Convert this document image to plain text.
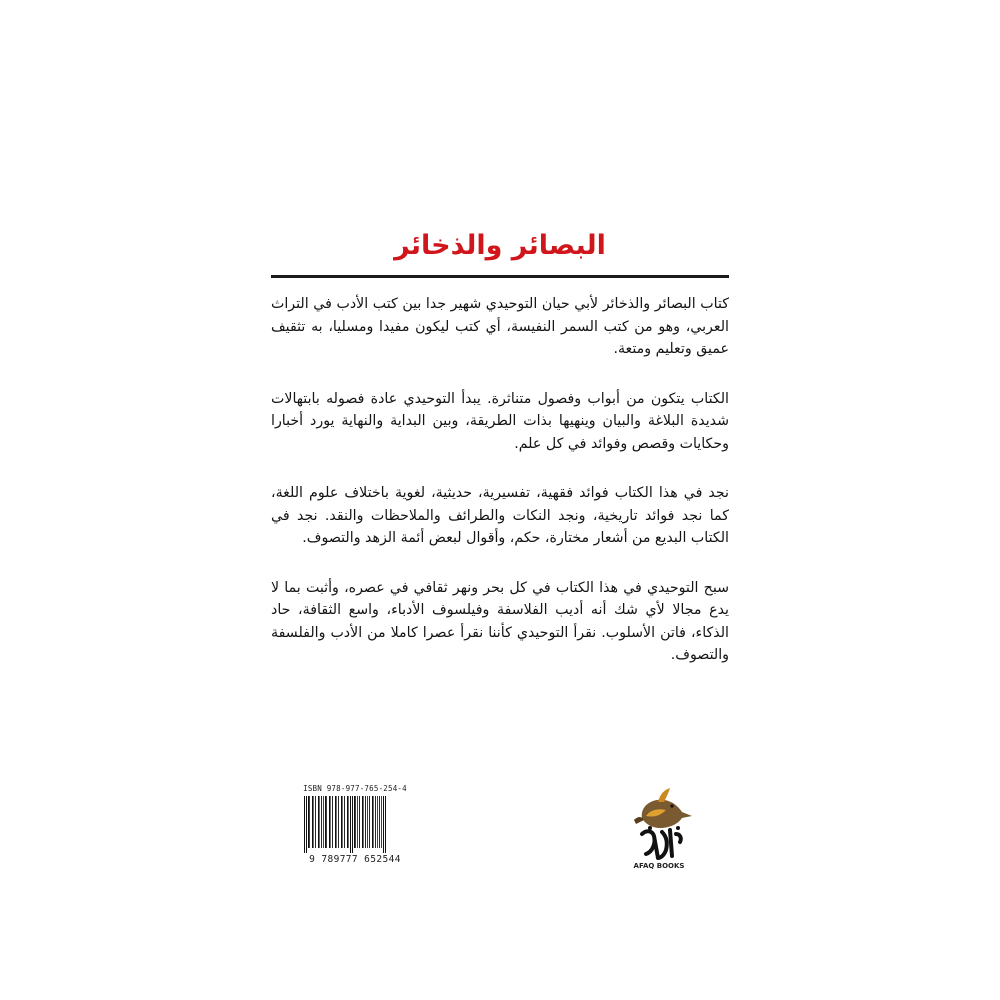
البصائر والذخائر

كتاب البصائر والذخائر لأبي حيان التوحيدي شهير جدا بين كتب الأدب في التراث العربي، وهو من كتب السمر النفيسة، أي كتب ليكون مفيدا ومسليا، به تثقيف عميق وتعليم ومتعة.

الكتاب يتكون من أبواب وفصول متناثرة. يبدأ التوحيدي عادة فصوله بابتهالات شديدة البلاغة والبيان وينهيها بذات الطريقة، وبين البداية والنهاية يورد أخبارا وحكايات وقصص وفوائد في كل علم.

نجد في هذا الكتاب فوائد فقهية، تفسيرية، حديثية، لغوية باختلاف علوم اللغة، كما نجد فوائد تاريخية، ونجد النكات والطرائف والملاحظات والنقد. نجد في الكتاب البديع من أشعار مختارة، حكم، وأقوال لبعض أئمة الزهد والتصوف.

سبح التوحيدي في هذا الكتاب في كل بحر ونهر ثقافي في عصره، وأثبت بما لا يدع مجالا لأي شك أنه أديب الفلاسفة وفيلسوف الأدباء، واسع الثقافة، حاد الذكاء، فاتن الأسلوب. نقرأ التوحيدي كأننا نقرأ عصرا كاملا من الأدب والفلسفة والتصوف.

ISBN 978-977-765-254-4
9 789777 652544
AFAQ BOOKS
